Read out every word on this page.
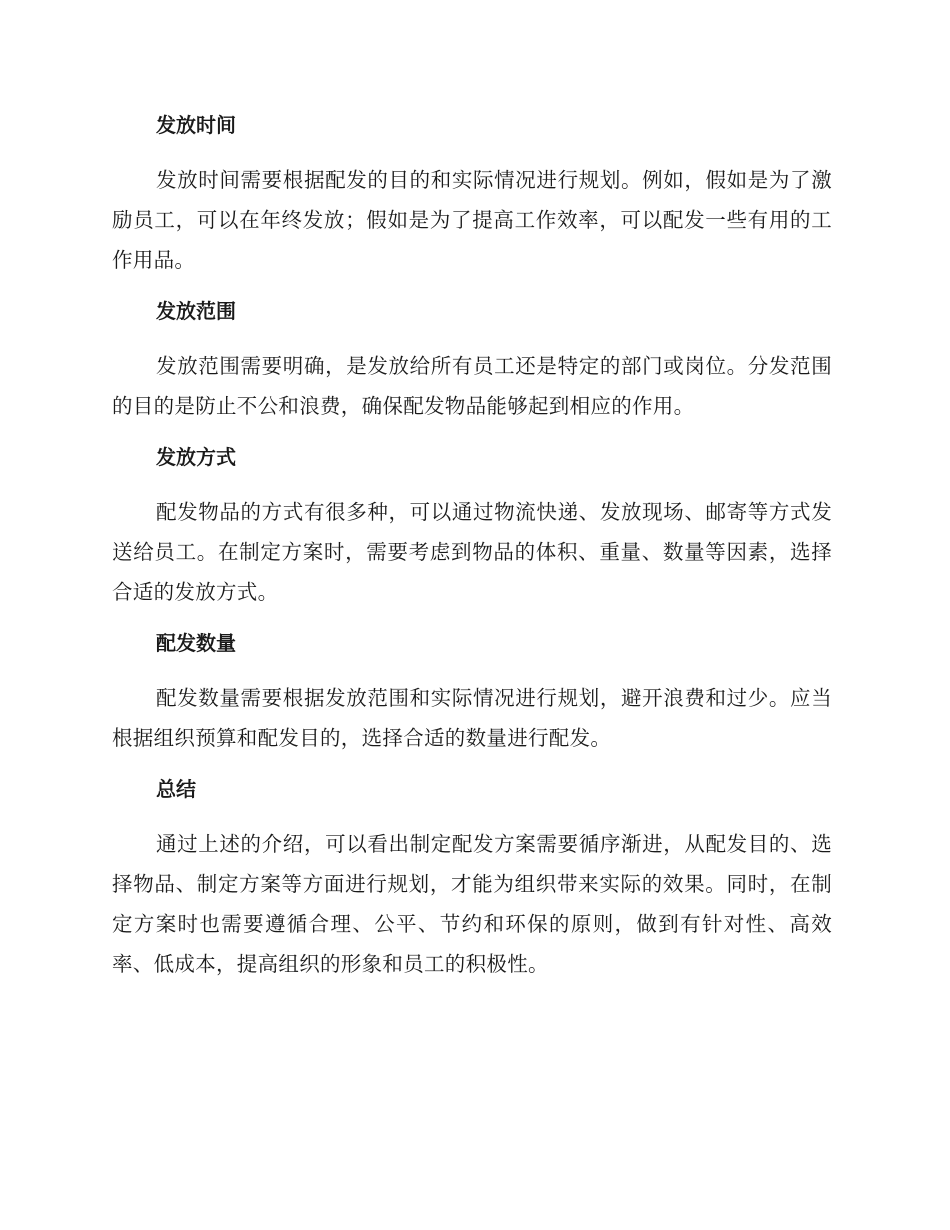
发放时间

发放时间需要根据配发的目的和实际情况进行规划。例如，假如是为了激励员工，可以在年终发放；假如是为了提高工作效率，可以配发一些有用的工作用品。

发放范围

发放范围需要明确，是发放给所有员工还是特定的部门或岗位。分发范围的目的是防止不公和浪费，确保配发物品能够起到相应的作用。

发放方式

配发物品的方式有很多种，可以通过物流快递、发放现场、邮寄等方式发送给员工。在制定方案时，需要考虑到物品的体积、重量、数量等因素，选择合适的发放方式。

配发数量

配发数量需要根据发放范围和实际情况进行规划，避开浪费和过少。应当根据组织预算和配发目的，选择合适的数量进行配发。

总结

通过上述的介绍，可以看出制定配发方案需要循序渐进，从配发目的、选择物品、制定方案等方面进行规划，才能为组织带来实际的效果。同时，在制定方案时也需要遵循合理、公平、节约和环保的原则，做到有针对性、高效率、低成本，提高组织的形象和员工的积极性。
